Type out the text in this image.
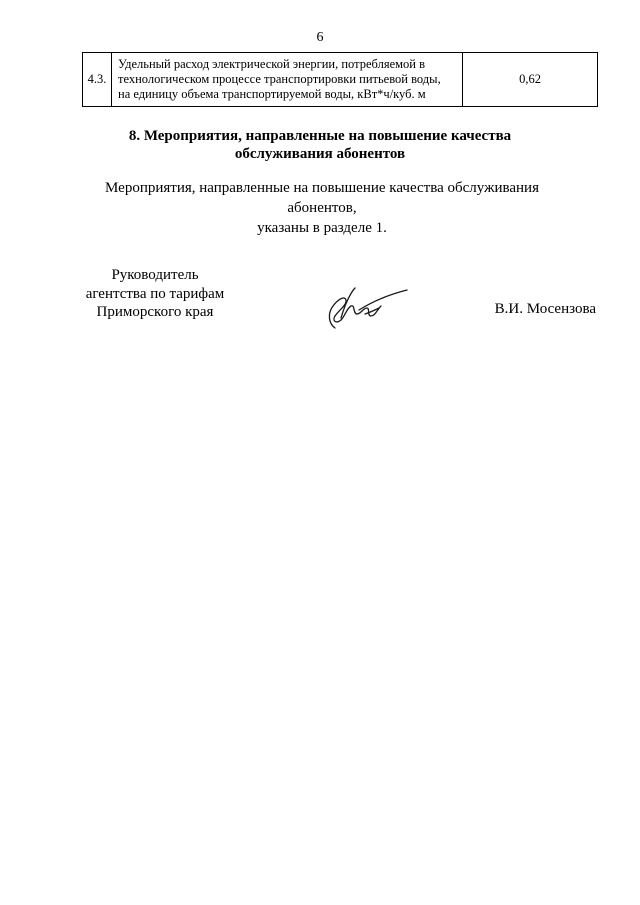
6
4.3.	Удельный расход электрической энергии, потребляемой в технологическом процессе транспортировки питьевой воды, на единицу объема транспортируемой воды, кВт*ч/куб. м	0,62
8. Мероприятия, направленные на повышение качества
обслуживания абонентов
Мероприятия, направленные на повышение качества обслуживания абонентов,
указаны в разделе 1.
Руководитель
агентства по тарифам
Приморского края	В.И. Мосензова
